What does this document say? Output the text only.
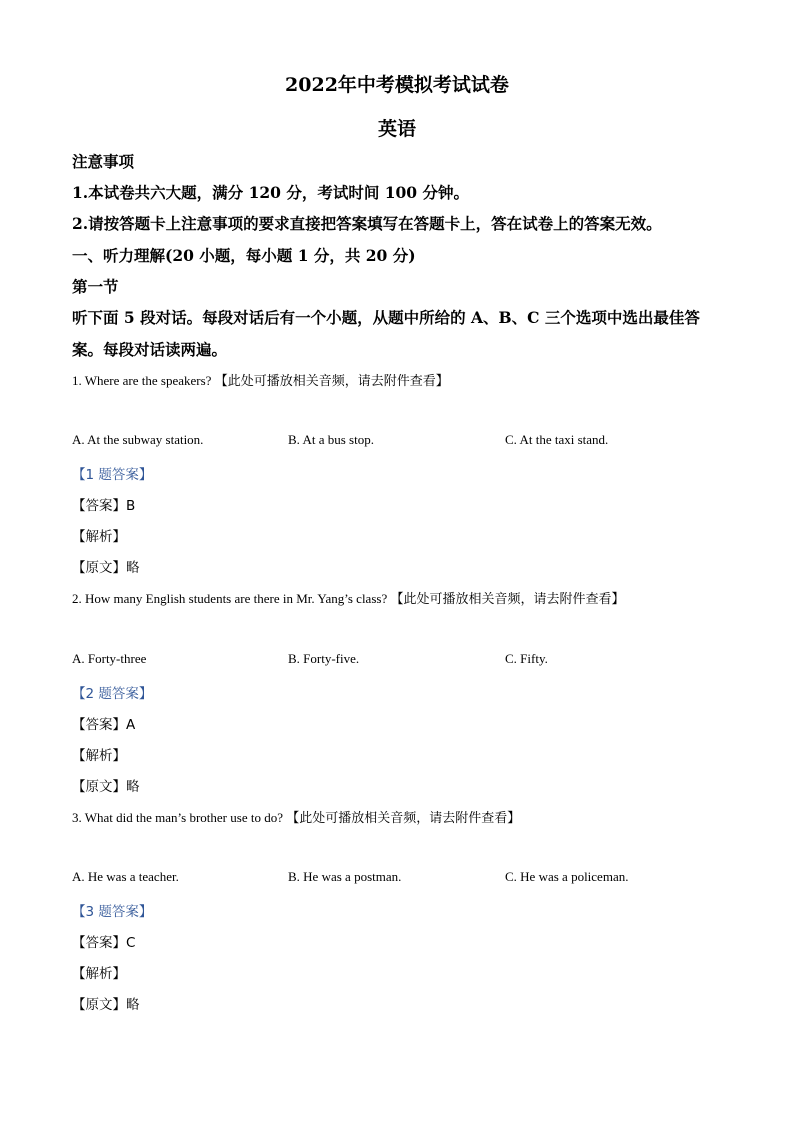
2022年中考模拟考试试卷
英语
注意事项
1.本试卷共六大题，满分 120 分，考试时间 100 分钟。
2.请按答题卡上注意事项的要求直接把答案填写在答题卡上，答在试卷上的答案无效。
一、听力理解(20 小题，每小题 1 分，共 20 分)
第一节
听下面 5 段对话。每段对话后有一个小题，从题中所给的 A、B、C 三个选项中选出最佳答
案。每段对话读两遍。
1. Where are the speakers? 【此处可播放相关音频，请去附件查看】
A. At the subway station.	B. At a bus stop.	C. At the taxi stand.
【1 题答案】
【答案】B
【解析】
【原文】略
2. How many English students are there in Mr. Yang’s class? 【此处可播放相关音频，请去附件查看】
A. Forty-three	B. Forty-five.	C. Fifty.
【2 题答案】
【答案】A
【解析】
【原文】略
3. What did the man’s brother use to do? 【此处可播放相关音频，请去附件查看】
A. He was a teacher.	B. He was a postman.	C. He was a policeman.
【3 题答案】
【答案】C
【解析】
【原文】略
